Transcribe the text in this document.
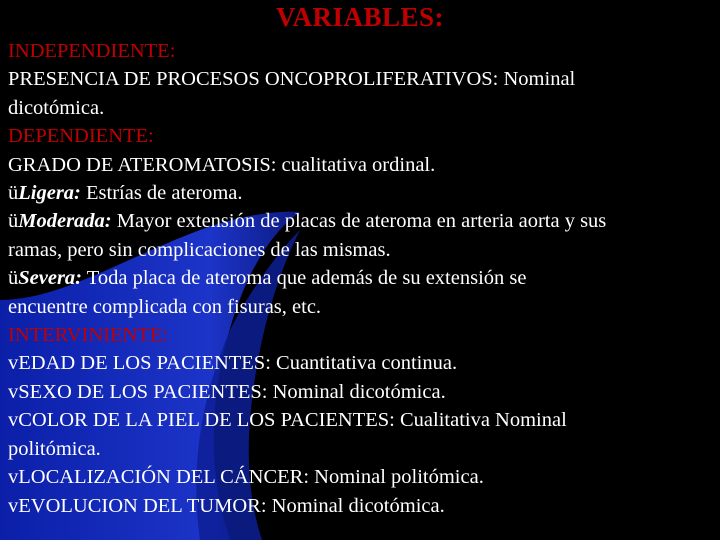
VARIABLES:
INDEPENDIENTE:
PRESENCIA DE PROCESOS ONCOPROLIFERATIVOS: Nominal
dicotómica.
DEPENDIENTE:
GRADO DE ATEROMATOSIS: cualitativa ordinal.
üLigera: Estrías de ateroma.
üModerada: Mayor extensión de placas de ateroma en arteria aorta y sus
ramas, pero sin complicaciones de las mismas.
üSevera: Toda placa de ateroma que además de su extensión se
encuentre complicada con fisuras, etc.
INTERVINIENTE:
vEDAD DE LOS PACIENTES: Cuantitativa continua.
vSEXO DE LOS PACIENTES: Nominal dicotómica.
vCOLOR DE LA PIEL DE LOS PACIENTES: Cualitativa Nominal
politómica.
vLOCALIZACIÓN DEL CÁNCER: Nominal politómica.
vEVOLUCION DEL TUMOR: Nominal dicotómica.
